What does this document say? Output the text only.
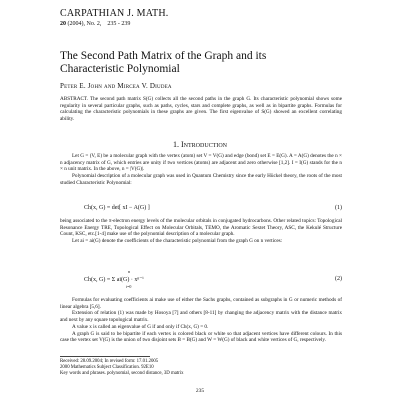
CARPATHIAN J. MATH.
20 (2004), No. 2, 235 - 239
The Second Path Matrix of the Graph and its
Characteristic Polynomial
Peter E. John and Mircea V. Diudea
ABSTRACT. The second path matrix S(G) collects all the second paths in the graph G. Its characteristic polynomial shows some regularity in several particular graphs, such as paths, cycles, stars and complete graphs, as well as in bipartite graphs. Formulas for calculating the characteristic polynomials in these graphs are given. The first eigenvalue of S(G) showed an excellent correlating ability.
1. Introduction

Let G = (V, E) be a molecular graph with the vertex (atom) set V = V(G) and edge (bond) set E = E(G). A = A(G) denotes the n × n adjacency matrix of G, which entries are unity if two vertices (atoms) are adjacent and zero otherwise [1,2]. I = I(G) stands for the n × n unit matrix. In the above, n = |V(G)|.

Polynomial description of a molecular graph was used in Quantum Chemistry since the early Hückel theory, the roots of the most studied Characteristic Polynomial:

Ch(x, G) = det[ xI − A(G) ]	(1)

being associated to the π-electron energy levels of the molecular orbitals in conjugated hydrocarbons. Other related topics: Topological Resonance Energy TRE, Topological Effect on Molecular Orbitals, TEMO, the Aromatic Sextet Theory, ASC, the Kekulé Structure Count, KSC, etc.[1-4] make use of the polynomial description of a molecular graph.

Let ai = ai(G) denote the coefficients of the characteristic polynomial from the graph G on n vertices:

Ch(x, G) = Σ ai(G) · xⁿ⁻ⁱ
n
i=0
(2)

Formulas for evaluating coefficients ai make use of either the Sachs graphs, contained as subgraphs in G or numeric methods of linear algebra [5,6].

Extension of relation (1) was made by Hosoya [7] and others [8-11] by changing the adjacency matrix with the distance matrix and next by any square topological matrix.

A value x is called an eigenvalue of G if and only if Ch(x, G) = 0.

A graph G is said to be bipartite if each vertex is colored black or white so that adjacent vertices have different colours. In this case the vertex set V(G) is the union of two disjoint sets B = B(G) and W = W(G) of black and white vertices of G, respectively.

Received: 28.09.2004; In revised form: 17.01.2005
2000 Mathematics Subject Classification. 92E10
Key words and phrases. polynomial, second distance, 3D matrix
235
